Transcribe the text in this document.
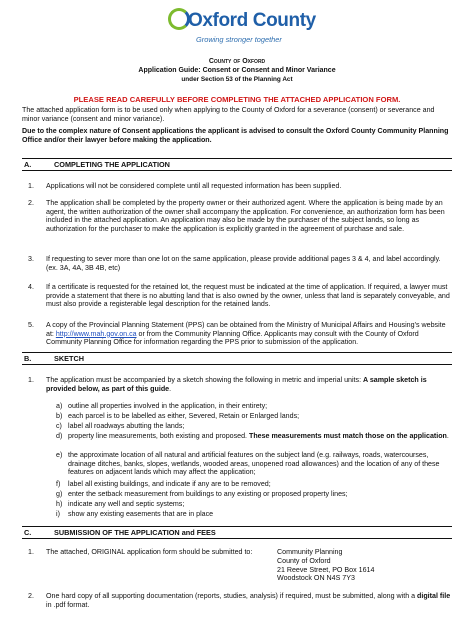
Oxford County
Growing stronger together
County of Oxford
Application Guide: Consent or Consent and Minor Variance
under Section 53 of the Planning Act
PLEASE READ CAREFULLY BEFORE COMPLETING THE ATTACHED APPLICATION FORM.

The attached application form is to be used only when applying to the County of Oxford for a severance (consent) or severance and minor variance (consent and minor variance).

Due to the complex nature of Consent applications the applicant is advised to consult the Oxford County Community Planning Office and/or their lawyer before making the application.

A.	COMPLETING THE APPLICATION
1. Applications will not be considered complete until all requested information has been supplied.
2. The application shall be completed by the property owner or their authorized agent. Where the application is being made by an agent, the written authorization of the owner shall accompany the application. For convenience, an authorization form has been included in the attached application. An application may also be made by the purchaser of the subject lands, so long as authorization for the purchaser to make the application is explicitly granted in the agreement of purchase and sale.
3. If requesting to sever more than one lot on the same application, please provide additional pages 3 & 4, and label accordingly. (ex. 3A, 4A, 3B 4B, etc)
4. If a certificate is requested for the retained lot, the request must be indicated at the time of application. If required, a lawyer must provide a statement that there is no abutting land that is also owned by the owner, unless that land is separately conveyable, and must also provide a registerable legal description for the retained lands.
5. A copy of the Provincial Planning Statement (PPS) can be obtained from the Ministry of Municipal Affairs and Housing’s website at: http://www.mah.gov.on.ca or from the Community Planning Office. Applicants may consult with the County of Oxford Community Planning Office for information regarding the PPS prior to submission of the application.
B.	SKETCH
1. The application must be accompanied by a sketch showing the following in metric and imperial units: A sample sketch is provided below, as part of this guide.
a) outline all properties involved in the application, in their entirety;
b) each parcel is to be labelled as either, Severed, Retain or Enlarged lands;
c) label all roadways abutting the lands;
d) property line measurements, both existing and proposed. These measurements must match those on the application.
e) the approximate location of all natural and artificial features on the subject land (e.g. railways, roads, watercourses, drainage ditches, banks, slopes, wetlands, wooded areas, unopened road allowances) and the location of any of these features on adjacent lands which may affect the application;
f) label all existing buildings, and indicate if any are to be removed;
g) enter the setback measurement from buildings to any existing or proposed property lines;
h) indicate any well and septic systems;
i) show any existing easements that are in place
C.	SUBMISSION OF THE APPLICATION and FEES
1. The attached, ORIGINAL application form should be submitted to:	Community Planning
County of Oxford
21 Reeve Street, PO Box 1614
Woodstock ON N4S 7Y3
2. One hard copy of all supporting documentation (reports, studies, analysis) if required, must be submitted, along with a digital file in .pdf format.
